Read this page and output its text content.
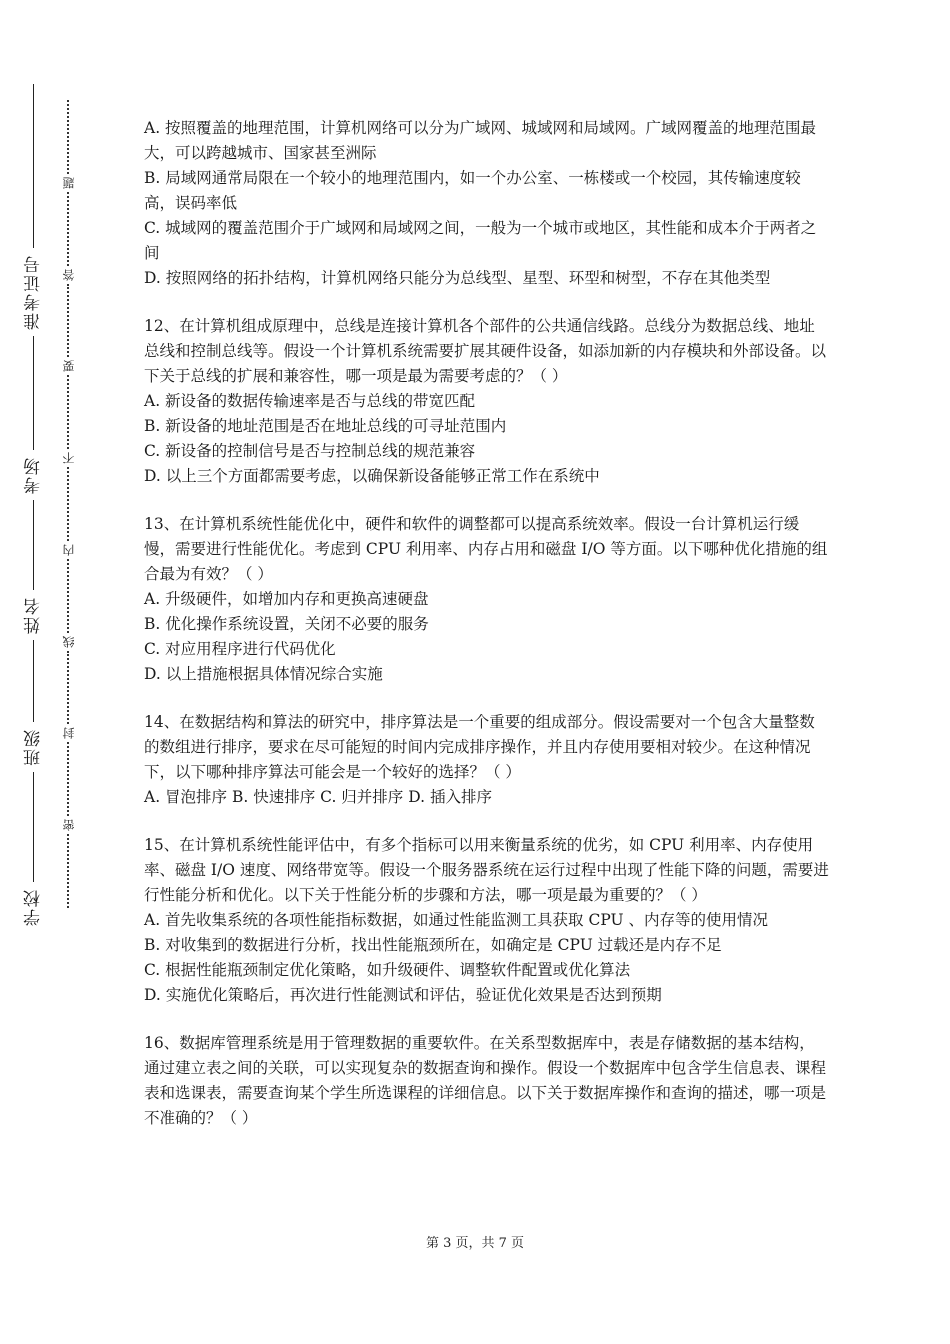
准考证号
考场
姓名
班级
学校
题
答
要
不
内
线
封
密

A. 按照覆盖的地理范围，计算机网络可以分为广域网、城域网和局域网。广域网覆盖的地理范围最大，可以跨越城市、国家甚至洲际

B. 局域网通常局限在一个较小的地理范围内，如一个办公室、一栋楼或一个校园，其传输速度较高，误码率低

C. 城域网的覆盖范围介于广域网和局域网之间，一般为一个城市或地区，其性能和成本介于两者之间

D. 按照网络的拓扑结构，计算机网络只能分为总线型、星型、环型和树型，不存在其他类型

12、在计算机组成原理中，总线是连接计算机各个部件的公共通信线路。总线分为数据总线、地址总线和控制总线等。假设一个计算机系统需要扩展其硬件设备，如添加新的内存模块和外部设备。以下关于总线的扩展和兼容性，哪一项是最为需要考虑的？（ ）

A. 新设备的数据传输速率是否与总线的带宽匹配

B. 新设备的地址范围是否在地址总线的可寻址范围内

C. 新设备的控制信号是否与控制总线的规范兼容

D. 以上三个方面都需要考虑，以确保新设备能够正常工作在系统中

13、在计算机系统性能优化中，硬件和软件的调整都可以提高系统效率。假设一台计算机运行缓慢，需要进行性能优化。考虑到 CPU 利用率、内存占用和磁盘 I/O 等方面。以下哪种优化措施的组合最为有效？（ ）

A. 升级硬件，如增加内存和更换高速硬盘

B. 优化操作系统设置，关闭不必要的服务

C. 对应用程序进行代码优化

D. 以上措施根据具体情况综合实施

14、在数据结构和算法的研究中，排序算法是一个重要的组成部分。假设需要对一个包含大量整数的数组进行排序，要求在尽可能短的时间内完成排序操作，并且内存使用要相对较少。在这种情况下，以下哪种排序算法可能会是一个较好的选择？（ ）

A. 冒泡排序 B. 快速排序 C. 归并排序 D. 插入排序

15、在计算机系统性能评估中，有多个指标可以用来衡量系统的优劣，如 CPU 利用率、内存使用率、磁盘 I/O 速度、网络带宽等。假设一个服务器系统在运行过程中出现了性能下降的问题，需要进行性能分析和优化。以下关于性能分析的步骤和方法，哪一项是最为重要的？（ ）

A. 首先收集系统的各项性能指标数据，如通过性能监测工具获取 CPU 、内存等的使用情况

B. 对收集到的数据进行分析，找出性能瓶颈所在，如确定是 CPU 过载还是内存不足

C. 根据性能瓶颈制定优化策略，如升级硬件、调整软件配置或优化算法

D. 实施优化策略后，再次进行性能测试和评估，验证优化效果是否达到预期

16、数据库管理系统是用于管理数据的重要软件。在关系型数据库中，表是存储数据的基本结构，通过建立表之间的关联，可以实现复杂的数据查询和操作。假设一个数据库中包含学生信息表、课程表和选课表，需要查询某个学生所选课程的详细信息。以下关于数据库操作和查询的描述，哪一项是不准确的？（ ）

第 3 页，共 7 页
